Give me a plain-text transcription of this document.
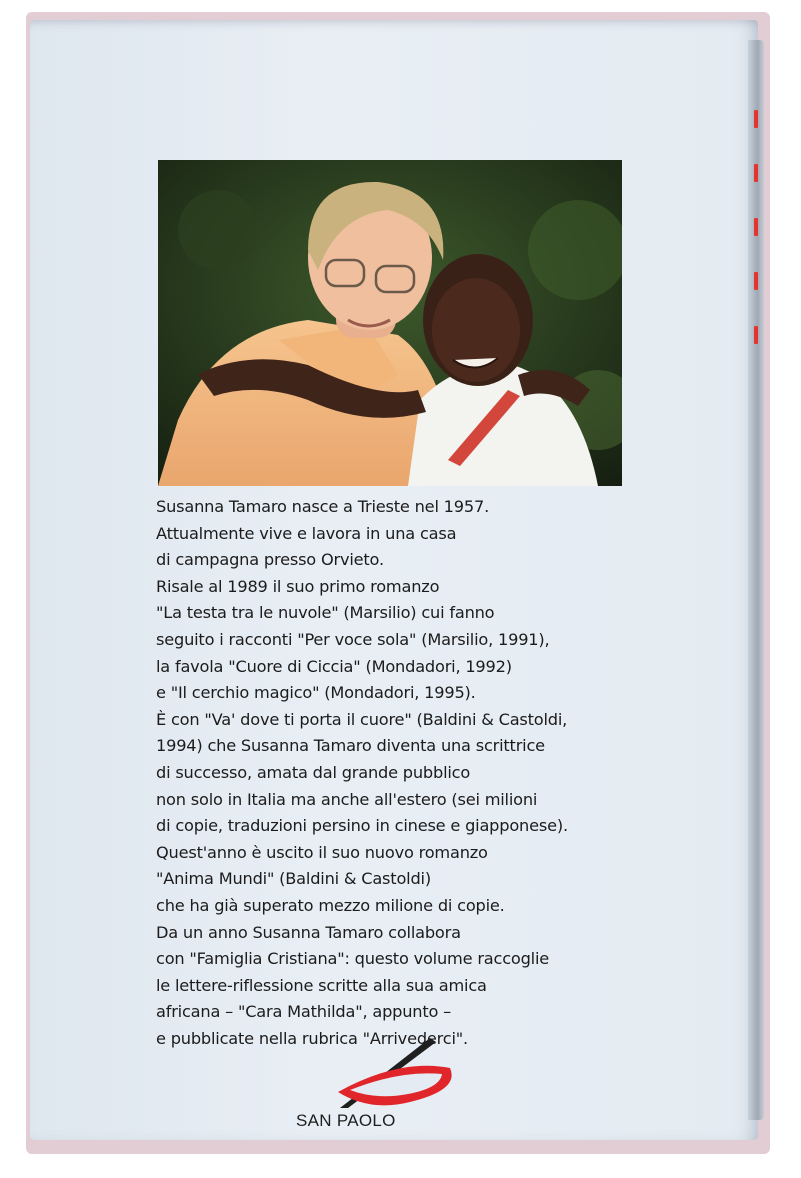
Susanna Tamaro nasce a Trieste nel 1957.
Attualmente vive e lavora in una casa
di campagna presso Orvieto.
Risale al 1989 il suo primo romanzo
"La testa tra le nuvole" (Marsilio) cui fanno
seguito i racconti "Per voce sola" (Marsilio, 1991),
la favola "Cuore di Ciccia" (Mondadori, 1992)
e "Il cerchio magico" (Mondadori, 1995).
È con "Va' dove ti porta il cuore" (Baldini & Castoldi,
1994) che Susanna Tamaro diventa una scrittrice
di successo, amata dal grande pubblico
non solo in Italia ma anche all'estero (sei milioni
di copie, traduzioni persino in cinese e giapponese).
Quest'anno è uscito il suo nuovo romanzo
"Anima Mundi" (Baldini & Castoldi)
che ha già superato mezzo milione di copie.
Da un anno Susanna Tamaro collabora
con "Famiglia Cristiana": questo volume raccoglie
le lettere-riflessione scritte alla sua amica
africana – "Cara Mathilda", appunto –
e pubblicate nella rubrica "Arrivederci".
SAN PAOLO
